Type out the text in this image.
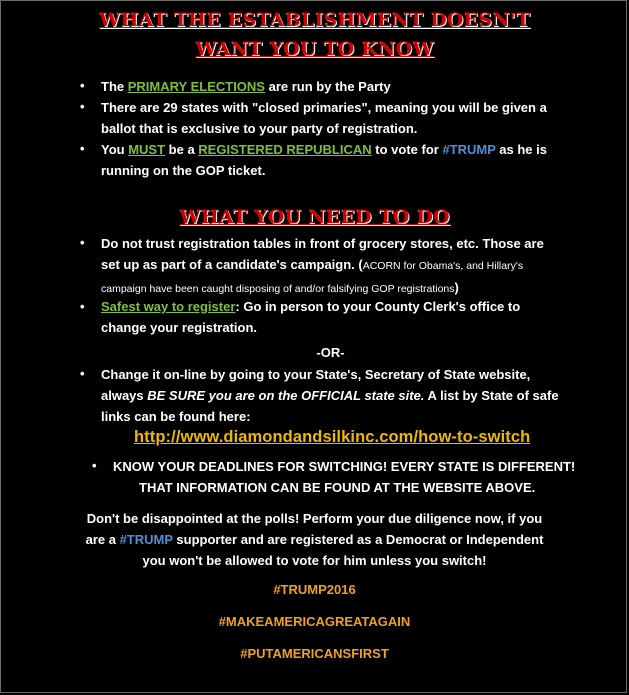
WHAT THE ESTABLISHMENT DOESN'T
WANT YOU TO KNOW
• The PRIMARY ELECTIONS are run by the Party
• There are 29 states with "closed primaries", meaning you will be given a
ballot that is exclusive to your party of registration.
• You MUST be a REGISTERED REPUBLICAN to vote for #TRUMP as he is
running on the GOP ticket.
WHAT YOU NEED TO DO
• Do not trust registration tables in front of grocery stores, etc. Those are
set up as part of a candidate's campaign. (ACORN for Obama's, and Hillary's
campaign have been caught disposing of and/or falsifying GOP registrations)
• Safest way to register: Go in person to your County Clerk's office to
change your registration.
-OR-
• Change it on-line by going to your State's, Secretary of State website,
always BE SURE you are on the OFFICIAL state site. A list by State of safe
links can be found here:
http://www.diamondandsilkinc.com/how-to-switch
• KNOW YOUR DEADLINES FOR SWITCHING! EVERY STATE IS DIFFERENT!
THAT INFORMATION CAN BE FOUND AT THE WEBSITE ABOVE.
Don't be disappointed at the polls! Perform your due diligence now, if you
are a #TRUMP supporter and are registered as a Democrat or Independent
you won't be allowed to vote for him unless you switch!
#TRUMP2016
#MAKEAMERICAGREATAGAIN
#PUTAMERICANSFIRST
